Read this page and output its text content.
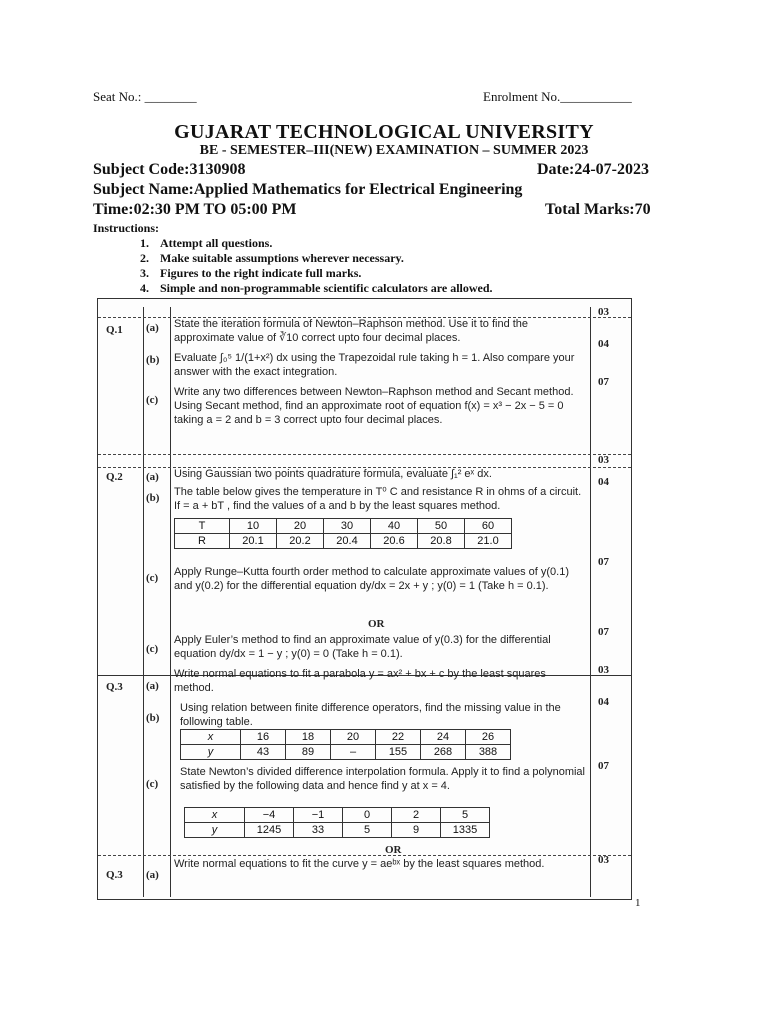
Seat No.: ________	Enrolment No.___________
GUJARAT TECHNOLOGICAL UNIVERSITY
BE - SEMESTER–III(NEW) EXAMINATION – SUMMER 2023
Subject Code:3130908	Date:24-07-2023
Subject Name:Applied Mathematics for Electrical Engineering
Time:02:30 PM TO 05:00 PM	Total Marks:70
Instructions:
1. Attempt all questions.
2. Make suitable assumptions wherever necessary.
3. Figures to the right indicate full marks.
4. Simple and non-programmable scientific calculators are allowed.
Q.1 (a) State the iteration formula of Newton–Raphson method. Use it to find the approximate value of ∛10 correct upto four decimal places.
03
(b) Evaluate ∫₀⁵ 1/(1+x²) dx using the Trapezoidal rule taking h = 1. Also compare your answer with the exact integration.
04
(c)
Write any two differences between Newton–Raphson method and Secant method. Using Secant method, find an approximate root of equation f(x) = x³ − 2x − 5 = 0 taking a = 2 and b = 3 correct upto four decimal places.
07
03
Q.2 (a) Using Gaussian two points quadrature formula, evaluate ∫₁² eˣ dx.
(b) The table below gives the temperature in T⁰ C and resistance R in ohms of a circuit. If = a + bT , find the values of a and b by the least squares method.
04
T	10	20	30	40	50	60
R	20.1	20.2	20.4	20.6	20.8	21.0
(c) Apply Runge–Kutta fourth order method to calculate approximate values of y(0.1) and y(0.2) for the differential equation dy/dx = 2x + y ; y(0) = 1 (Take h = 0.1).
07
OR
(c)
Apply Euler’s method to find an approximate value of y(0.3) for the differential equation dy/dx = 1 − y ; y(0) = 0 (Take h = 0.1).
07
Q.3 (a)
Write normal equations to fit a parabola y = ax² + bx + c by the least squares method.
03
(b)
Using relation between finite difference operators, find the missing value in the following table.
04
x	16	18	20	22	24	26
y	43	89	–	155	268	388
(c)
State Newton’s divided difference interpolation formula. Apply it to find a polynomial satisfied by the following data and hence find y at x = 4.
07
x	−4	−1	0	2	5
y	1245	33	5	9	1335
OR
Q.3 (a)
Write normal equations to fit the curve y = aeᵇˣ by the least squares method.	03
1
